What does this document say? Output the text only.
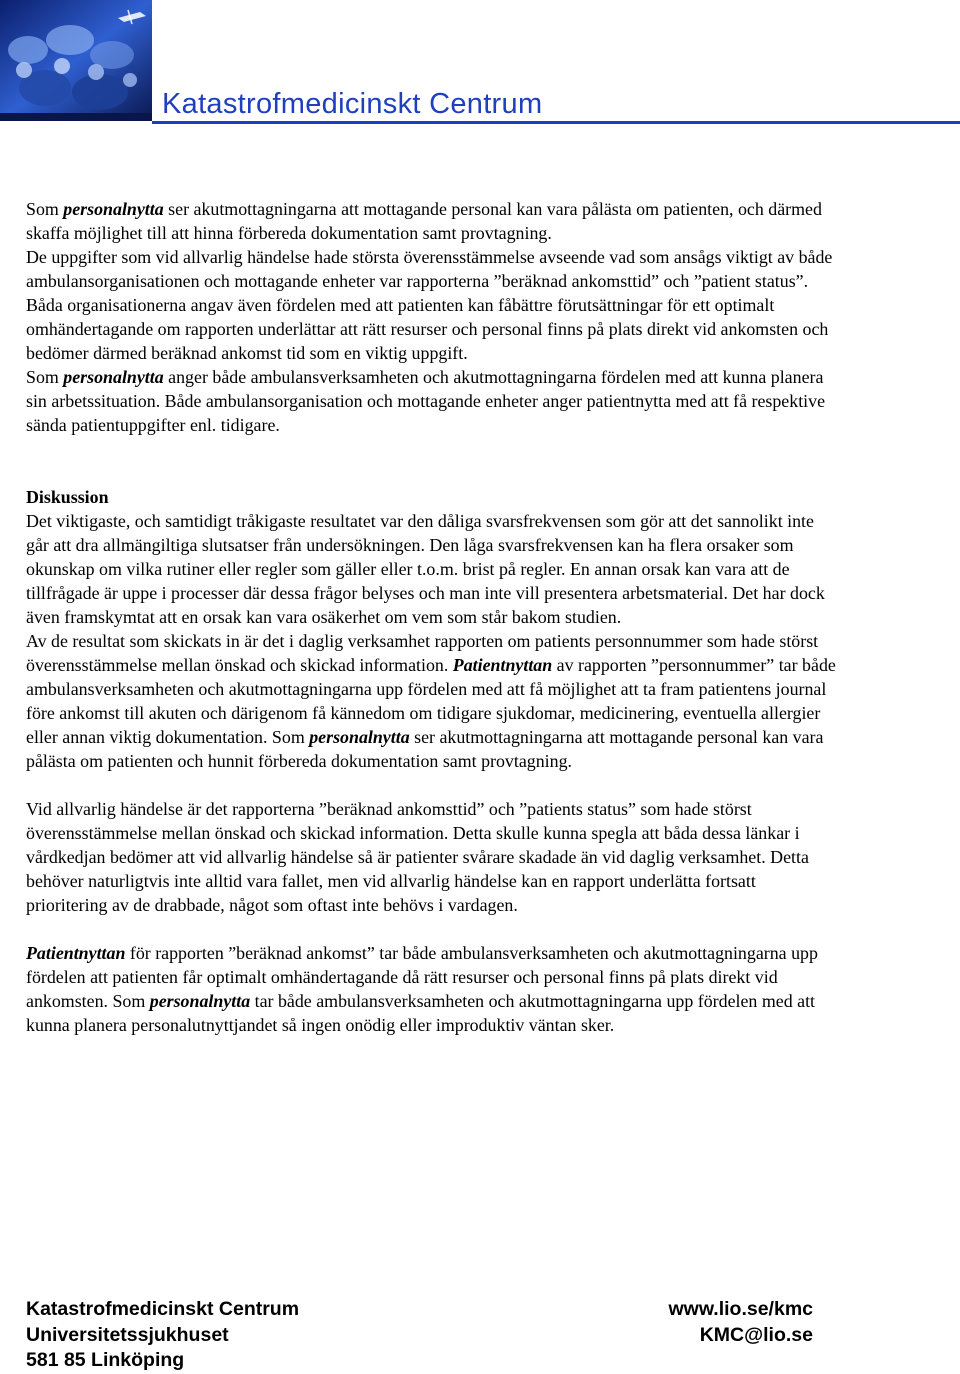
Katastrofmedicinskt Centrum

Som personalnytta ser akutmottagningarna att mottagande personal kan vara pålästa om patienten, och därmed skaffa möjlighet till att hinna förbereda dokumentation samt provtagning.

De uppgifter som vid allvarlig händelse hade största överensstämmelse avseende vad som ansågs viktigt av både ambulansorganisationen och mottagande enheter var rapporterna ”beräknad ankomsttid” och ”patient status”.

Båda organisationerna angav även fördelen med att patienten kan fåbättre förutsättningar för ett optimalt omhändertagande om rapporten underlättar att rätt resurser och personal finns på plats direkt vid ankomsten och bedömer därmed beräknad ankomst tid som en viktig uppgift.

Som personalnytta anger både ambulansverksamheten och akutmottagningarna fördelen med att kunna planera sin arbetssituation. Både ambulansorganisation och mottagande enheter anger patientnytta med att få respektive sända patientuppgifter enl. tidigare.

Diskussion

Det viktigaste, och samtidigt tråkigaste resultatet var den dåliga svarsfrekvensen som gör att det sannolikt inte går att dra allmängiltiga slutsatser från undersökningen. Den låga svarsfrekvensen kan ha flera orsaker som okunskap om vilka rutiner eller regler som gäller eller t.o.m. brist på regler. En annan orsak kan vara att de tillfrågade är uppe i processer där dessa frågor belyses och man inte vill presentera arbetsmaterial. Det har dock även framskymtat att en orsak kan vara osäkerhet om vem som står bakom studien.

Av de resultat som skickats in är det i daglig verksamhet rapporten om patients personnummer som hade störst överensstämmelse mellan önskad och skickad information. Patientnyttan av rapporten ”personnummer” tar både ambulansverksamheten och akutmottagningarna upp fördelen med att få möjlighet att ta fram patientens journal före ankomst till akuten och därigenom få kännedom om tidigare sjukdomar, medicinering, eventuella allergier eller annan viktig dokumentation. Som personalnytta ser akutmottagningarna att mottagande personal kan vara pålästa om patienten och hunnit förbereda dokumentation samt provtagning.

Vid allvarlig händelse är det rapporterna ”beräknad ankomsttid” och ”patients status” som hade störst överensstämmelse mellan önskad och skickad information. Detta skulle kunna spegla att båda dessa länkar i vårdkedjan bedömer att vid allvarlig händelse så är patienter svårare skadade än vid daglig verksamhet. Detta behöver naturligtvis inte alltid vara fallet, men vid allvarlig händelse kan en rapport underlätta fortsatt prioritering av de drabbade, något som oftast inte behövs i vardagen.

Patientnyttan för rapporten ”beräknad ankomst” tar både ambulansverksamheten och akutmottagningarna upp fördelen att patienten får optimalt omhändertagande då rätt resurser och personal finns på plats direkt vid ankomsten. Som personalnytta tar både ambulansverksamheten och akutmottagningarna upp fördelen med att kunna planera personalutnyttjandet så ingen onödig eller improduktiv väntan sker.

Katastrofmedicinskt Centrum
Universitetssjukhuset
581 85 Linköping
www.lio.se/kmc
KMC@lio.se
